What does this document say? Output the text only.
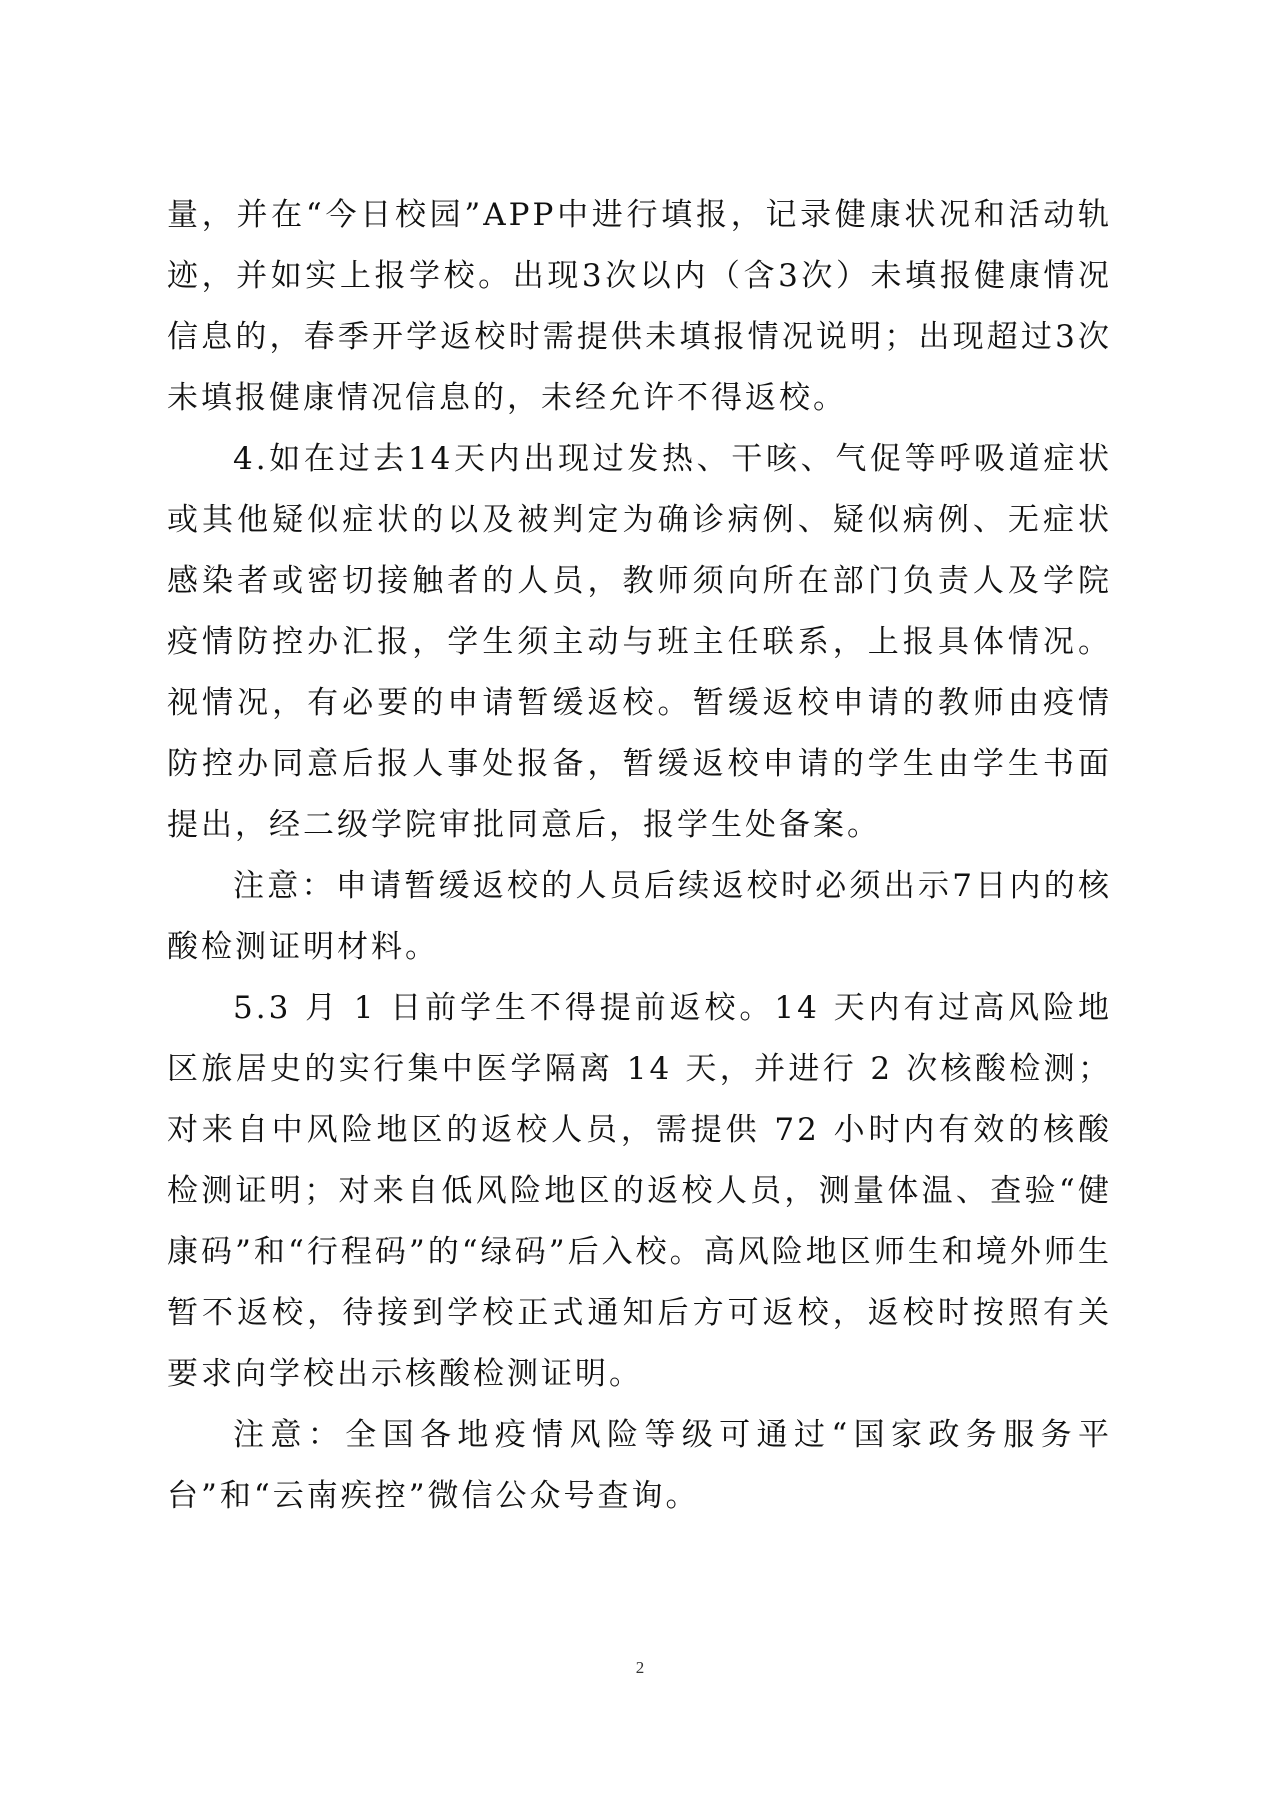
量，并在“今日校园”APP中进行填报，记录健康状况和活动轨迹，并如实上报学校。出现3次以内（含3次）未填报健康情况信息的，春季开学返校时需提供未填报情况说明；出现超过3次未填报健康情况信息的，未经允许不得返校。

4.如在过去14天内出现过发热、干咳、气促等呼吸道症状或其他疑似症状的以及被判定为确诊病例、疑似病例、无症状感染者或密切接触者的人员，教师须向所在部门负责人及学院疫情防控办汇报，学生须主动与班主任联系，上报具体情况。视情况，有必要的申请暂缓返校。暂缓返校申请的教师由疫情防控办同意后报人事处报备，暂缓返校申请的学生由学生书面提出，经二级学院审批同意后，报学生处备案。

注意：申请暂缓返校的人员后续返校时必须出示7日内的核酸检测证明材料。

5.3 月 1 日前学生不得提前返校。14 天内有过高风险地区旅居史的实行集中医学隔离 14 天，并进行 2 次核酸检测；对来自中风险地区的返校人员，需提供 72 小时内有效的核酸检测证明；对来自低风险地区的返校人员，测量体温、查验“健康码”和“行程码”的“绿码”后入校。高风险地区师生和境外师生暂不返校，待接到学校正式通知后方可返校，返校时按照有关要求向学校出示核酸检测证明。

注意：全国各地疫情风险等级可通过“国家政务服务平台”和“云南疾控”微信公众号查询。

2
